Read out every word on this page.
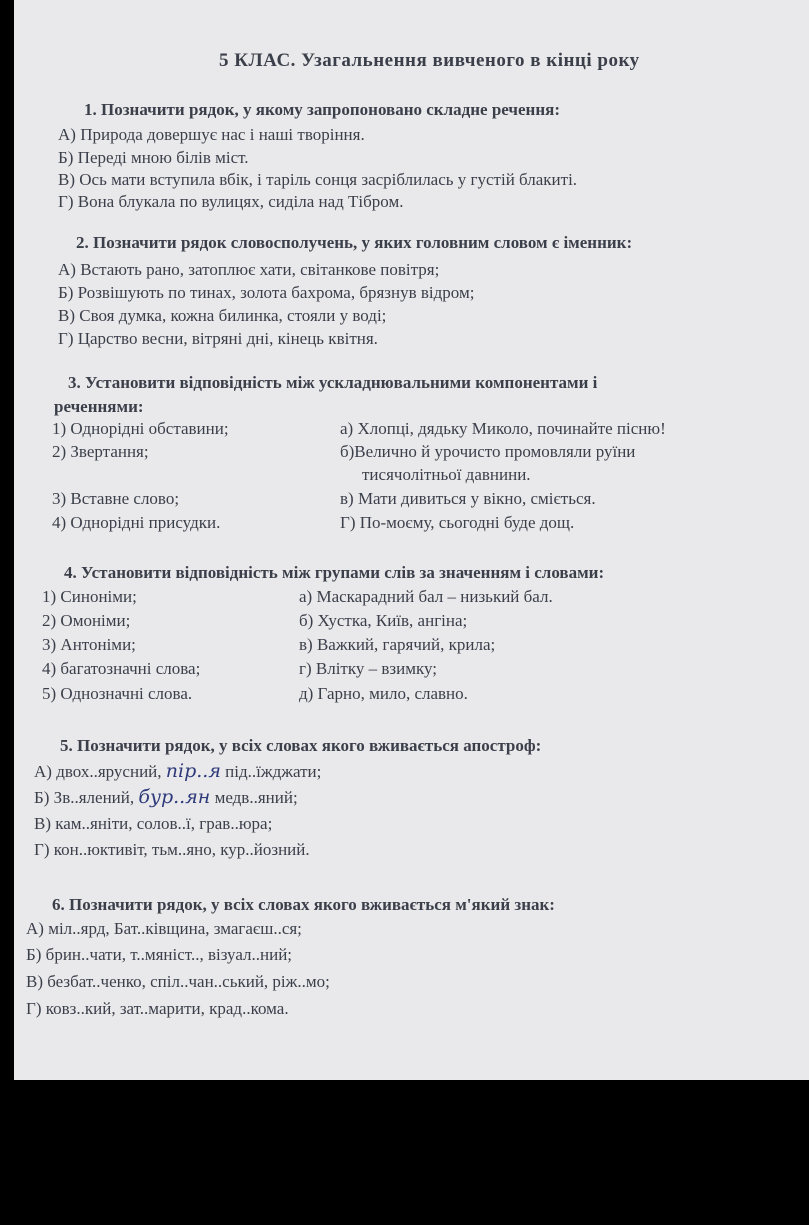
5 КЛАС. Узагальнення вивченого в кінці року
1. Позначити рядок, у якому запропоновано складне речення:
А) Природа довершує нас і наші творіння.
Б) Переді мною білів міст.
В) Ось мати вступила вбік, і таріль сонця засріблилась у густій блакиті.
Г) Вона блукала по вулицях, сиділа над Тібром.
2. Позначити рядок словосполучень, у яких головним словом є іменник:
А) Встають рано, затоплює хати, світанкове повітря;
Б) Розвішують по тинах, золота бахрома, брязнув відром;
В) Своя думка, кожна билинка, стояли у воді;
Г) Царство весни, вітряні дні, кінець квітня.
3. Установити відповідність між ускладнювальними компонентами і
реченнями:
1) Однорідні обставини;
2) Звертання;
3) Вставне слово;
4) Однорідні присудки.
а) Хлопці, дядьку Миколо, починайте пісню!
б)Велично й урочисто промовляли руїни
тисячолітньої давнини.
в) Мати дивиться у вікно, сміється.
Г) По-моєму, сьогодні буде дощ.
4. Установити відповідність між групами слів за значенням і словами:
1) Синоніми;
2) Омоніми;
3) Антоніми;
4) багатозначні слова;
5) Однозначні слова.
а) Маскарадний бал – низький бал.
б) Хустка, Київ, ангіна;
в) Важкий, гарячий, крила;
г) Влітку – взимку;
д) Гарно, мило, славно.
5. Позначити рядок, у всіх словах якого вживається апостроф:
А) двох..ярусний, пір..я під..їжджати;
Б) Зв..ялений, бур..ян медв..яний;
В) кам..яніти, солов..ї, грав..юра;
Г) кон..юктивіт, тьм..яно, кур..йозний.
6. Позначити рядок, у всіх словах якого вживається м'який знак:
А) міл..ярд, Бат..ківщина, змагаєш..ся;
Б) брин..чати, т..мяніст.., візуал..ний;
В) безбат..ченко, спіл..чан..ський, ріж..мо;
Г) ковз..кий, зат..марити, крад..кома.
